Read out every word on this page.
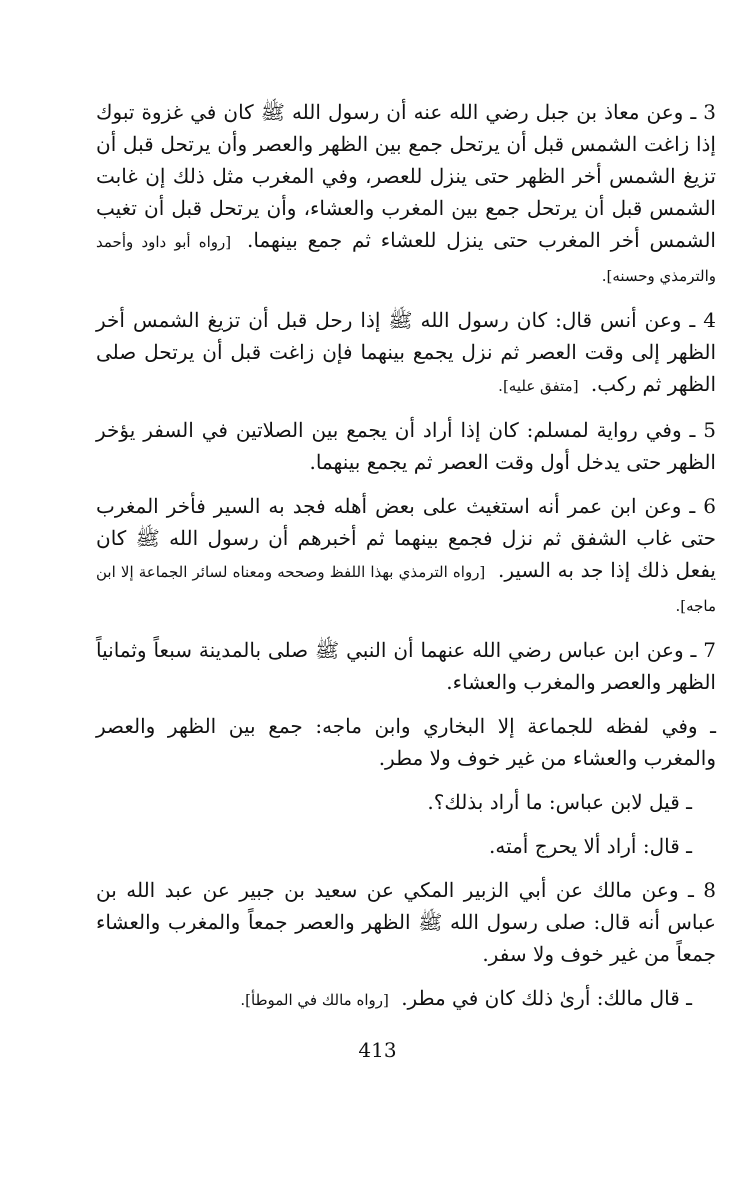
3 ـ وعن معاذ بن جبل رضي الله عنه أن رسول الله ﷺ كان في غزوة تبوك إذا زاغت الشمس قبل أن يرتحل جمع بين الظهر والعصر وأن يرتحل قبل أن تزيغ الشمس أخر الظهر حتى ينزل للعصر، وفي المغرب مثل ذلك إن غابت الشمس قبل أن يرتحل جمع بين المغرب والعشاء، وأن يرتحل قبل أن تغيب الشمس أخر المغرب حتى ينزل للعشاء ثم جمع بينهما. [رواه أبو داود وأحمد والترمذي وحسنه].

4 ـ وعن أنس قال: كان رسول الله ﷺ إذا رحل قبل أن تزيغ الشمس أخر الظهر إلى وقت العصر ثم نزل يجمع بينهما فإن زاغت قبل أن يرتحل صلى الظهر ثم ركب. [متفق عليه].

5 ـ وفي رواية لمسلم: كان إذا أراد أن يجمع بين الصلاتين في السفر يؤخر الظهر حتى يدخل أول وقت العصر ثم يجمع بينهما.

6 ـ وعن ابن عمر أنه استغيث على بعض أهله فجد به السير فأخر المغرب حتى غاب الشفق ثم نزل فجمع بينهما ثم أخبرهم أن رسول الله ﷺ كان يفعل ذلك إذا جد به السير. [رواه الترمذي بهذا اللفظ وصححه ومعناه لسائر الجماعة إلا ابن ماجه].

7 ـ وعن ابن عباس رضي الله عنهما أن النبي ﷺ صلى بالمدينة سبعاً وثمانياً الظهر والعصر والمغرب والعشاء.

ـ وفي لفظه للجماعة إلا البخاري وابن ماجه: جمع بين الظهر والعصر والمغرب والعشاء من غير خوف ولا مطر.

ـ قيل لابن عباس: ما أراد بذلك؟.

ـ قال: أراد ألا يحرج أمته.

8 ـ وعن مالك عن أبي الزبير المكي عن سعيد بن جبير عن عبد الله بن عباس أنه قال: صلى رسول الله ﷺ الظهر والعصر جمعاً والمغرب والعشاء جمعاً من غير خوف ولا سفر.

ـ قال مالك: أرىٰ ذلك كان في مطر. [رواه مالك في الموطأ].

413
